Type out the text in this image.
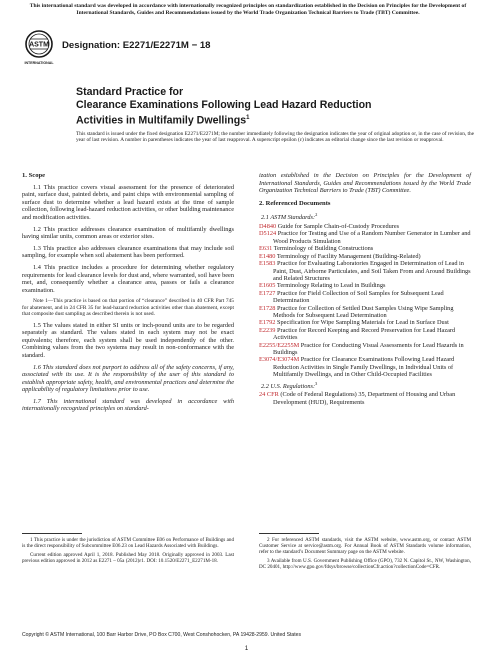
This international standard was developed in accordance with internationally recognized principles on standardization established in the Decision on Principles for the Development of International Standards, Guides and Recommendations issued by the World Trade Organization Technical Barriers to Trade (TBT) Committee.
ASTM
INTERNATIONAL
Designation: E2271/E2271M − 18
Standard Practice for
Clearance Examinations Following Lead Hazard Reduction
Activities in Multifamily Dwellings$^1$
This standard is issued under the fixed designation E2271/E2271M; the number immediately following the designation indicates the year of original adoption or, in the case of revision, the year of last revision. A number in parentheses indicates the year of last reapproval. A superscript epsilon (ε) indicates an editorial change since the last revision or reapproval.
1. Scope

1.1 This practice covers visual assessment for the presence of deteriorated paint, surface dust, painted debris, and paint chips with environmental sampling of surface dust to determine whether a lead hazard exists at the time of sample collection, following lead-hazard reduction activities, or other building maintenance and modification activities.

1.2 This practice addresses clearance examination of multifamily dwellings having similar units, common areas or exterior sites.

1.3 This practice also addresses clearance examinations that may include soil sampling, for example when soil abatement has been performed.

1.4 This practice includes a procedure for determining whether regulatory requirements for lead clearance levels for dust and, where warranted, soil have been met, and, consequently whether a clearance area, passes or fails a clearance examination.

Note 1—This practice is based on that portion of “clearance” described in 40 CFR Part 745 for abatement, and in 24 CFR 35 for lead-hazard reduction activities other than abatement, except that composite dust sampling as described therein is not used.

1.5 The values stated in either SI units or inch-pound units are to be regarded separately as standard. The values stated in each system may not be exact equivalents; therefore, each system shall be used independently of the other. Combining values from the two systems may result in non-conformance with the standard.

1.6 This standard does not purport to address all of the safety concerns, if any, associated with its use. It is the responsibility of the user of this standard to establish appropriate safety, health, and environmental practices and determine the applicability of regulatory limitations prior to use.

1.7 This international standard was developed in accordance with internationally recognized principles on standard-

ization established in the Decision on Principles for the Development of International Standards, Guides and Recommendations issued by the World Trade Organization Technical Barriers to Trade (TBT) Committee.

2. Referenced Documents
2.1 ASTM Standards:$^2$

D4840 Guide for Sample Chain-of-Custody Procedures

D5124 Practice for Testing and Use of a Random Number Generator in Lumber and Wood Products Simulation

E631 Terminology of Building Constructions

E1480 Terminology of Facility Management (Building-Related)

E1583 Practice for Evaluating Laboratories Engaged in Determination of Lead in Paint, Dust, Airborne Particulates, and Soil Taken From and Around Buildings and Related Structures

E1605 Terminology Relating to Lead in Buildings

E1727 Practice for Field Collection of Soil Samples for Subsequent Lead Determination

E1728 Practice for Collection of Settled Dust Samples Using Wipe Sampling Methods for Subsequent Lead Determination

E1792 Specification for Wipe Sampling Materials for Lead in Surface Dust

E2239 Practice for Record Keeping and Record Preservation for Lead Hazard Activities

E2255/E2255M Practice for Conducting Visual Assessments for Lead Hazards in Buildings

E3074/E3074M Practice for Clearance Examinations Following Lead Hazard Reduction Activities in Single Family Dwellings, in Individual Units of Multifamily Dwellings, and in Other Child-Occupied Facilities

2.2 U.S. Regulations:$^3$

24 CFR (Code of Federal Regulations) 35, Department of Housing and Urban Development (HUD), Requirements

1 This practice is under the jurisdiction of ASTM Committee E06 on Performance of Buildings and is the direct responsibility of Subcommittee E06.23 on Lead Hazards Associated with Buildings.

Current edition approved April 1, 2018. Published May 2018. Originally approved in 2003. Last previous edition approved in 2012 as E2271 – 05a (2012)ε1. DOI: 10.1520/E2271_E2271M-18.

2 For referenced ASTM standards, visit the ASTM website, www.astm.org, or contact ASTM Customer Service at service@astm.org. For Annual Book of ASTM Standards volume information, refer to the standard’s Document Summary page on the ASTM website.

3 Available from U.S. Government Publishing Office (GPO), 732 N. Capitol St., NW, Washington, DC 20401, http://www.gpo.gov/fdsys/browse/collectionCfr.action?collectionCode=CFR.

Copyright © ASTM International, 100 Barr Harbor Drive, PO Box C700, West Conshohocken, PA 19428-2959. United States
1
